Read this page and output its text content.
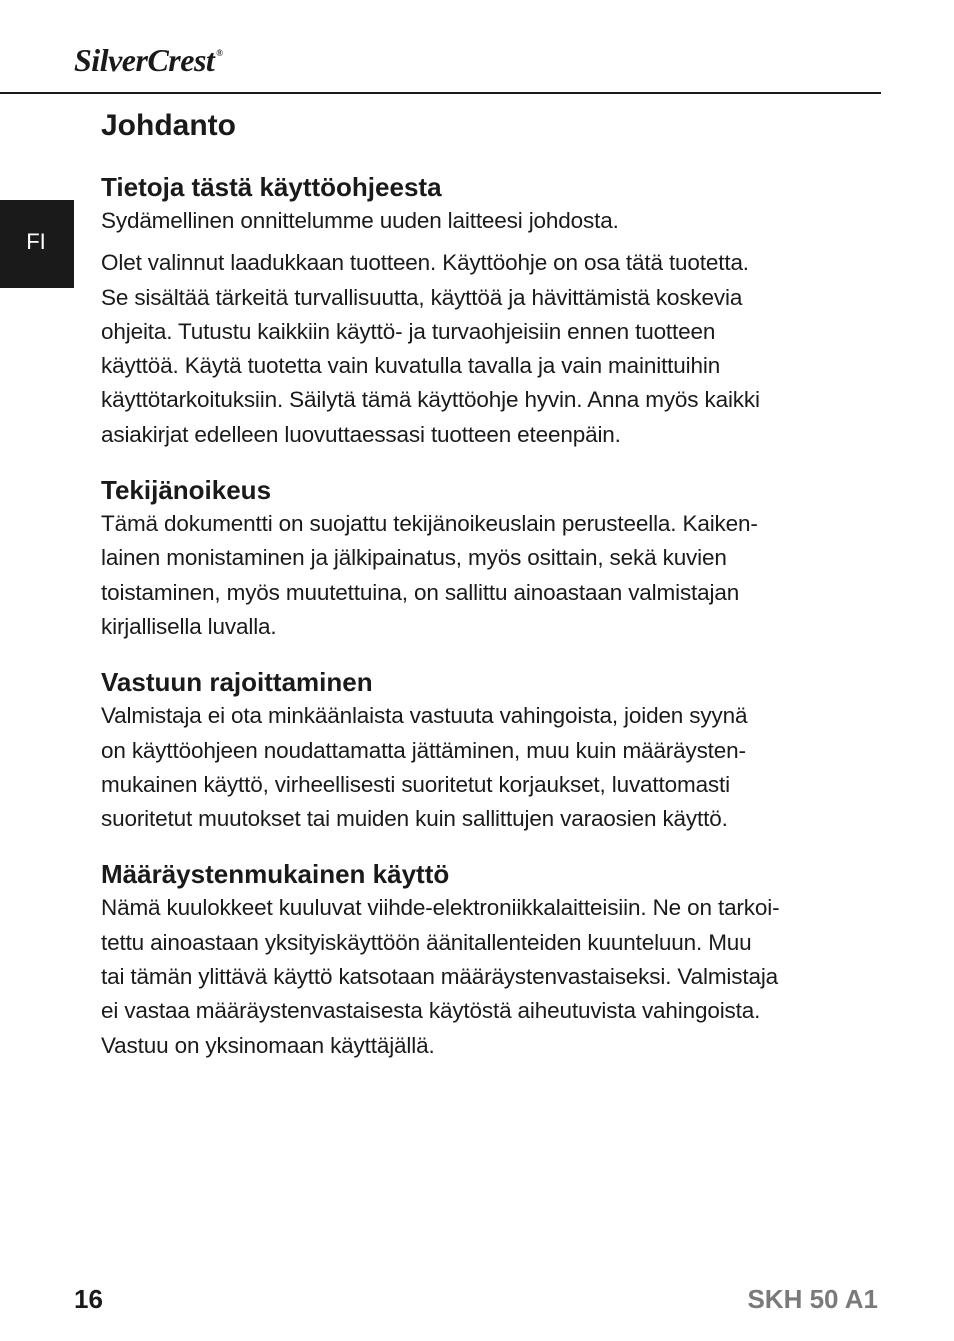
SilverCrest ®
FI
Johdanto
Tietoja tästä käyttöohjeesta

Sydämellinen onnittelumme uuden laitteesi johdosta.

Olet valinnut laadukkaan tuotteen. Käyttöohje on osa tätä tuotetta.
Se sisältää tärkeitä turvallisuutta, käyttöä ja hävittämistä koskevia
ohjeita. Tutustu kaikkiin käyttö- ja turvaohjeisiin ennen tuotteen
käyttöä. Käytä tuotetta vain kuvatulla tavalla ja vain mainittuihin
käyttötarkoituksiin. Säilytä tämä käyttöohje hyvin. Anna myös kaikki
asiakirjat edelleen luovuttaessasi tuotteen eteenpäin.

Tekijänoikeus

Tämä dokumentti on suojattu tekijänoikeuslain perusteella. Kaiken-
lainen monistaminen ja jälkipainatus, myös osittain, sekä kuvien
toistaminen, myös muutettuina, on sallittu ainoastaan valmistajan
kirjallisella luvalla.

Vastuun rajoittaminen

Valmistaja ei ota minkäänlaista vastuuta vahingoista, joiden syynä
on käyttöohjeen noudattamatta jättäminen, muu kuin määräysten-
mukainen käyttö, virheellisesti suoritetut korjaukset, luvattomasti
suoritetut muutokset tai muiden kuin sallittujen varaosien käyttö.

Määräystenmukainen käyttö

Nämä kuulokkeet kuuluvat viihde-elektroniikkalaitteisiin. Ne on tarkoi-
tettu ainoastaan yksityiskäyttöön äänitallenteiden kuunteluun. Muu
tai tämän ylittävä käyttö katsotaan määräystenvastaiseksi. Valmistaja
ei vastaa määräystenvastaisesta käytöstä aiheutuvista vahingoista.
Vastuu on yksinomaan käyttäjällä.

16	SKH 50 A1
